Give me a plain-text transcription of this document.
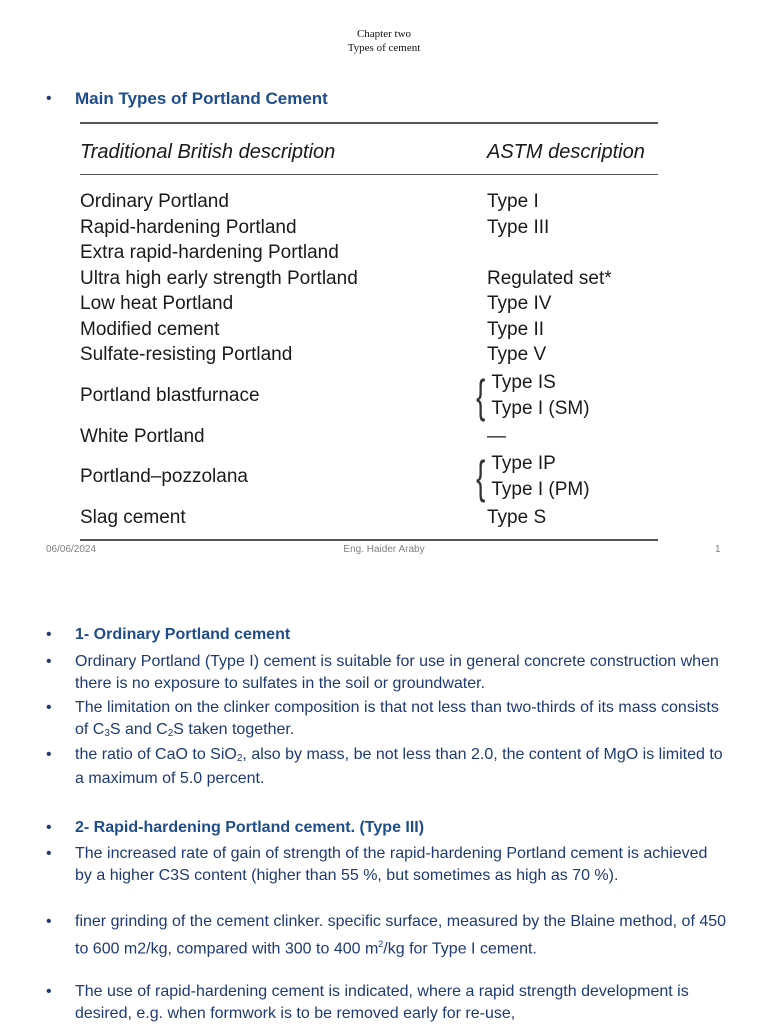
Chapter two
Types of cement
•	Main Types of Portland Cement
Traditional British description	ASTM description
Ordinary Portland	Type I
Rapid-hardening Portland	Type III
Extra rapid-hardening Portland

Ultra high early strength Portland	Regulated set*
Low heat Portland	Type IV
Modified cement	Type II
Sulfate-resisting Portland	Type V
Portland blastfurnace	{ Type IS
Type I (SM)
White Portland	—
Portland–pozzolana	{ Type IP
Type I (PM)
Slag cement	Type S
06/06/2024	Eng. Haider Araby	1
•	1- Ordinary Portland cement
•	Ordinary Portland (Type I) cement is suitable for use in general concrete construction when there is no exposure to sulfates in the soil or groundwater.
•	The limitation on the clinker composition is that not less than two-thirds of its mass consists of $C_3S$ and $C_2S$ taken together.
•	the ratio of CaO to SiO$_2$, also by mass, be not less than 2.0, the content of MgO is limited to a maximum of 5.0 percent.
•	2- Rapid-hardening Portland cement. (Type III)
•	The increased rate of gain of strength of the rapid-hardening Portland cement is achieved by a higher C3S content (higher than 55 %, but sometimes as high as 70 %).
•	finer grinding of the cement clinker. specific surface, measured by the Blaine method, of 450 to 600 m2/kg, compared with 300 to 400 $m^2/kg$ for Type I cement.
•	The use of rapid-hardening cement is indicated, where a rapid strength development is desired, e.g. when formwork is to be removed early for re-use,
